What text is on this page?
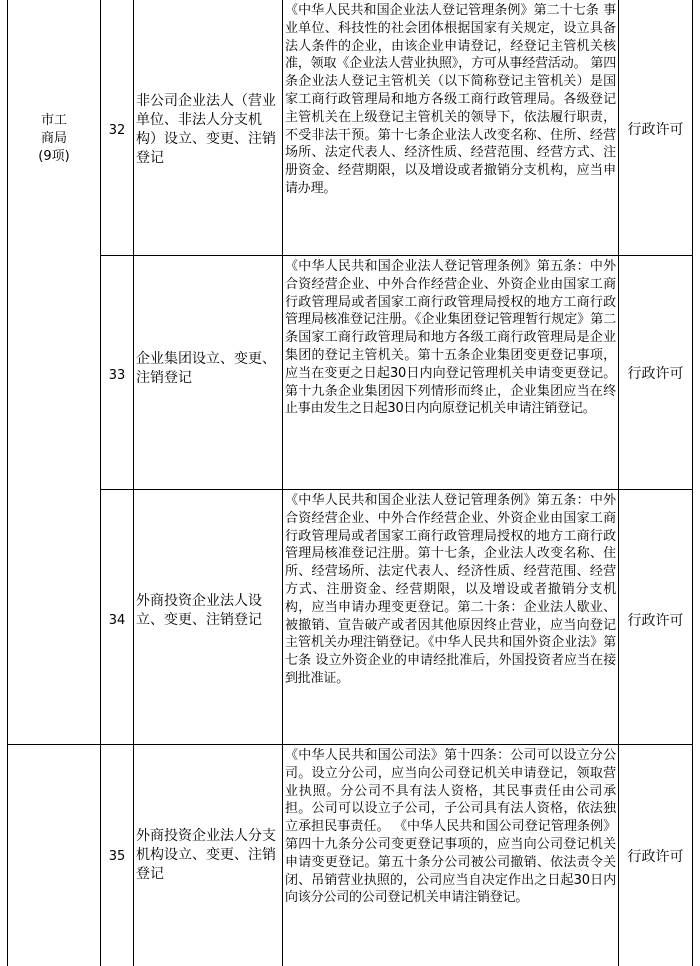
市工
商局
(9项)
32
非公司企业法人（营业单位、非法人分支机构）设立、变更、注销登记
《中华人民共和国企业法人登记管理条例》第二十七条 事业单位、科技性的社会团体根据国家有关规定，设立具备法人条件的企业，由该企业申请登记，经登记主管机关核准，领取《企业法人营业执照》，方可从事经营活动。 第四条企业法人登记主管机关（以下简称登记主管机关）是国家工商行政管理局和地方各级工商行政管理局。各级登记主管机关在上级登记主管机关的领导下，依法履行职责，不受非法干预。第十七条企业法人改变名称、住所、经营场所、法定代表人、经济性质、经营范围、经营方式、注册资金、经营期限，以及增设或者撤销分支机构，应当申请办理。
行政许可
33
企业集团设立、变更、注销登记
《中华人民共和国企业法人登记管理条例》第五条：中外合资经营企业、中外合作经营企业、外资企业由国家工商行政管理局或者国家工商行政管理局授权的地方工商行政管理局核准登记注册。《企业集团登记管理暂行规定》第二条国家工商行政管理局和地方各级工商行政管理局是企业集团的登记主管机关。第十五条企业集团变更登记事项，应当在变更之日起30日内向登记管理机关申请变更登记。第十九条企业集团因下列情形而终止，企业集团应当在终止事由发生之日起30日内向原登记机关申请注销登记。
行政许可
34
外商投资企业法人设立、变更、注销登记
《中华人民共和国企业法人登记管理条例》第五条：中外合资经营企业、中外合作经营企业、外资企业由国家工商行政管理局或者国家工商行政管理局授权的地方工商行政管理局核准登记注册。第十七条，企业法人改变名称、住所、经营场所、法定代表人、经济性质、经营范围、经营方式、注册资金、经营期限，以及增设或者撤销分支机构，应当申请办理变更登记。第二十条：企业法人歇业、被撤销、宣告破产或者因其他原因终止营业，应当向登记主管机关办理注销登记。《中华人民共和国外资企业法》第七条 设立外资企业的申请经批准后，外国投资者应当在接到批准证。
行政许可
35
外商投资企业法人分支机构设立、变更、注销登记
《中华人民共和国公司法》第十四条：公司可以设立分公司。设立分公司，应当向公司登记机关申请登记，领取营业执照。分公司不具有法人资格，其民事责任由公司承担。公司可以设立子公司，子公司具有法人资格，依法独立承担民事责任。 《中华人民共和国公司登记管理条例》第四十九条分公司变更登记事项的，应当向公司登记机关申请变更登记。第五十条分公司被公司撤销、依法责令关闭、吊销营业执照的，公司应当自决定作出之日起30日内向该分公司的公司登记机关申请注销登记。
行政许可
